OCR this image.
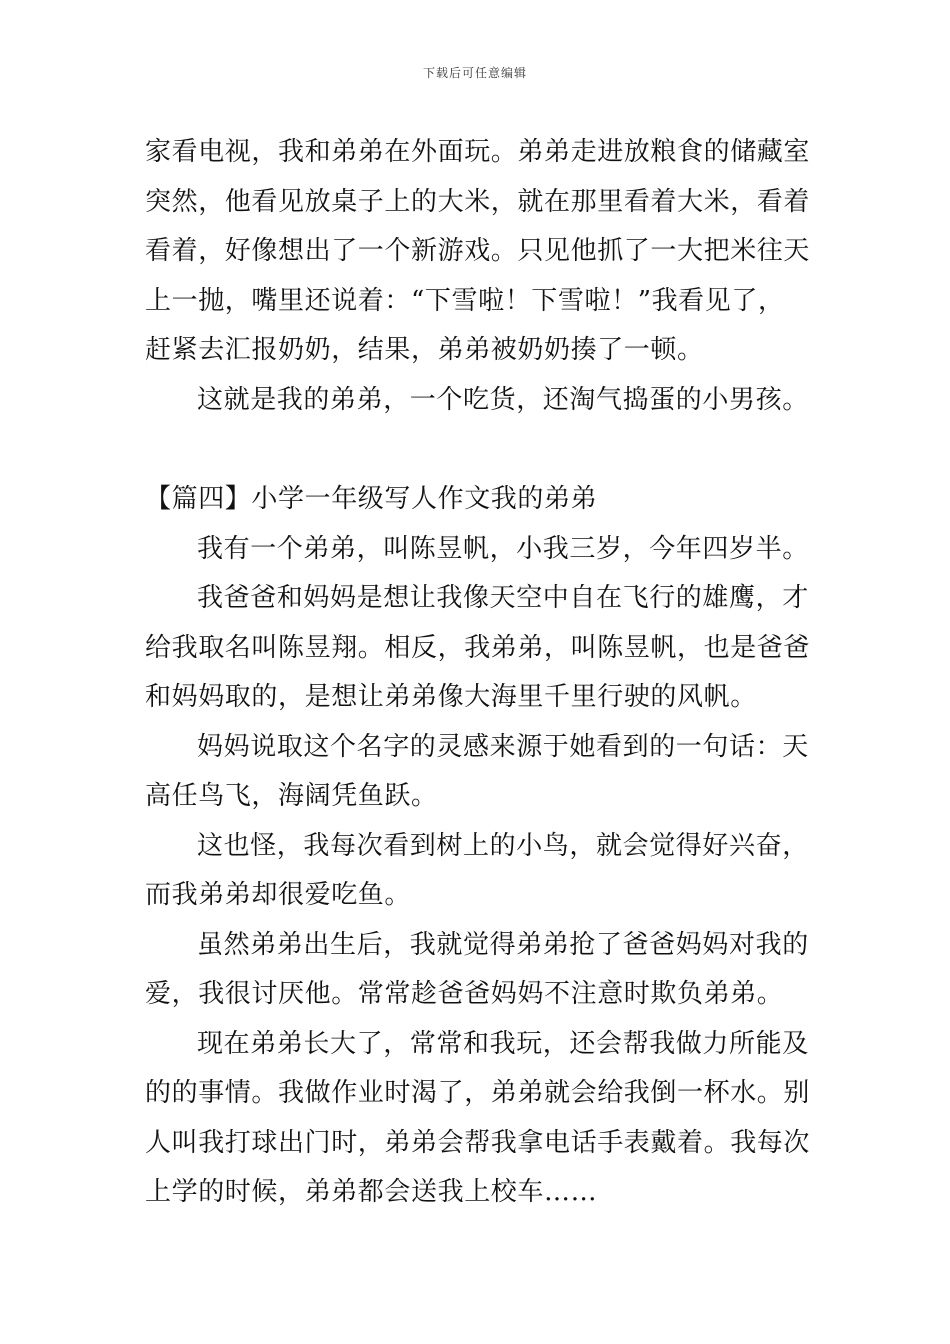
下载后可任意编辑
家看电视，我和弟弟在外面玩。弟弟走进放粮食的储藏室
突然，他看见放桌子上的大米，就在那里看着大米，看着
看着，好像想出了一个新游戏。只见他抓了一大把米往天
上一抛，嘴里还说着：“下雪啦！下雪啦！”我看见了，
赶紧去汇报奶奶，结果，弟弟被奶奶揍了一顿。
这就是我的弟弟，一个吃货，还淘气捣蛋的小男孩。
【篇四】小学一年级写人作文我的弟弟
我有一个弟弟，叫陈昱帆，小我三岁，今年四岁半。
我爸爸和妈妈是想让我像天空中自在飞行的雄鹰，才
给我取名叫陈昱翔。相反，我弟弟，叫陈昱帆，也是爸爸
和妈妈取的，是想让弟弟像大海里千里行驶的风帆。
妈妈说取这个名字的灵感来源于她看到的一句话：天
高任鸟飞，海阔凭鱼跃。
这也怪，我每次看到树上的小鸟，就会觉得好兴奋，
而我弟弟却很爱吃鱼。
虽然弟弟出生后，我就觉得弟弟抢了爸爸妈妈对我的
爱，我很讨厌他。常常趁爸爸妈妈不注意时欺负弟弟。
现在弟弟长大了，常常和我玩，还会帮我做力所能及
的的事情。我做作业时渴了，弟弟就会给我倒一杯水。别
人叫我打球出门时，弟弟会帮我拿电话手表戴着。我每次
上学的时候，弟弟都会送我上校车……
